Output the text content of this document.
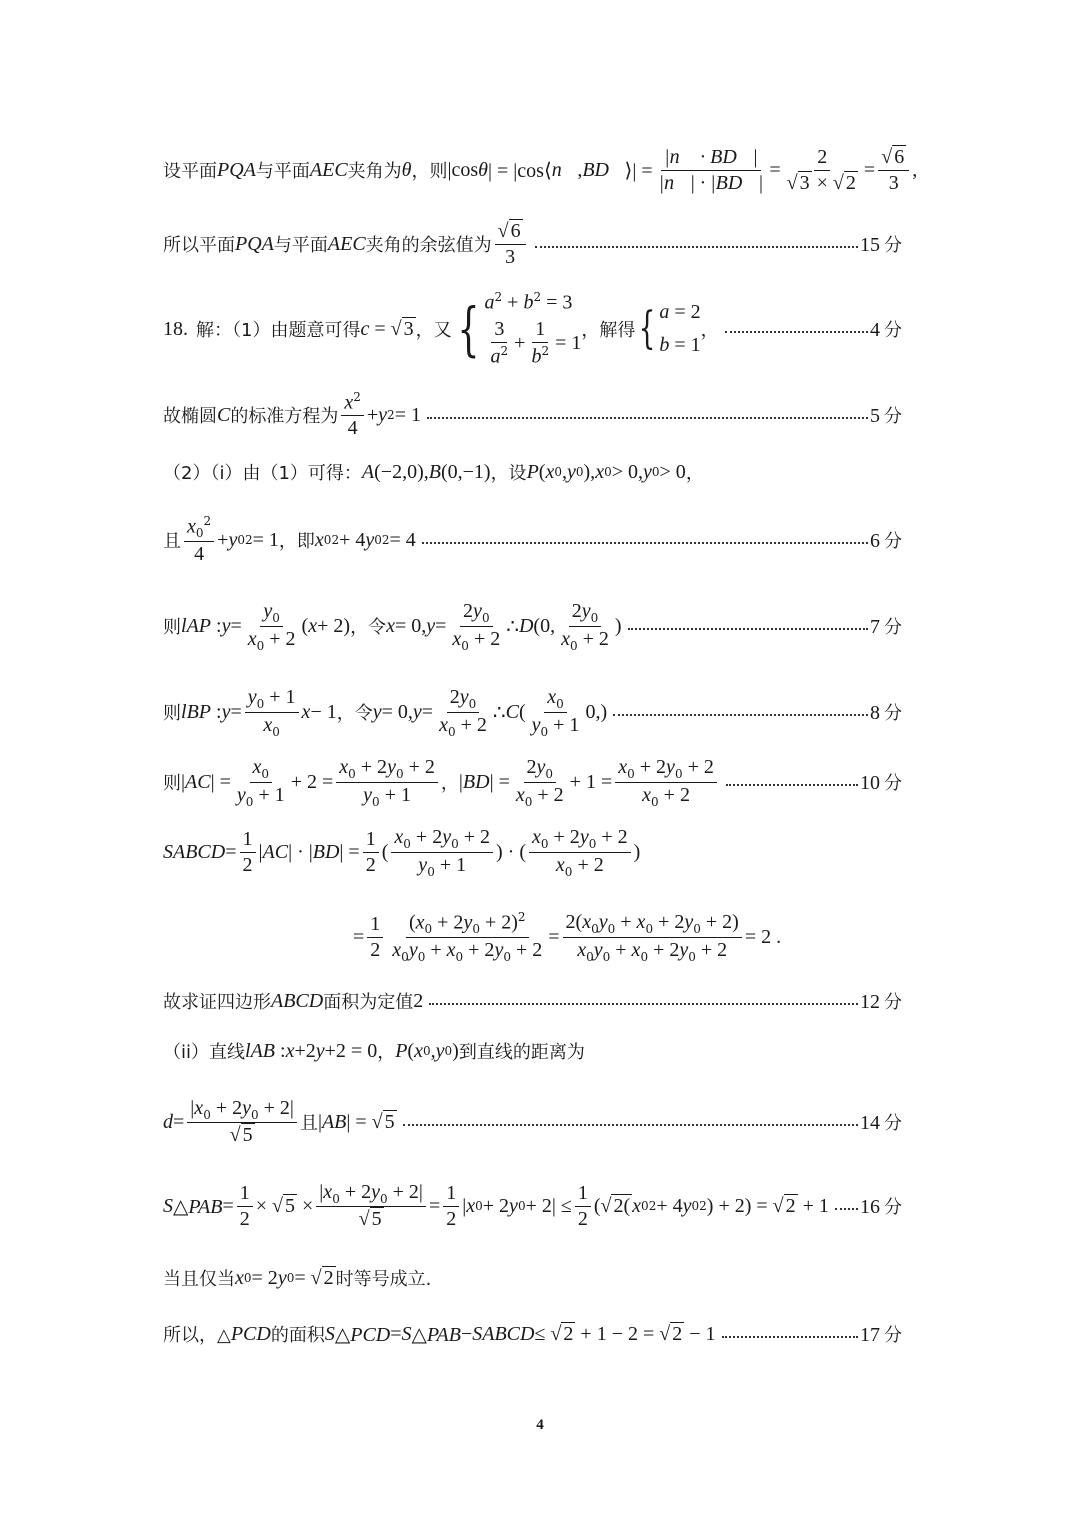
设平面 PQA 与平面 AEC 夹角为 θ ，则 |cos θ | = |cos⟨ n⃗ , BD⃗ ⟩| = $\frac{|n⃗ \cdot BD⃗|}{|n⃗| \cdot |BD⃗|} = \frac{2}{√ 3 \times √ 2} = \frac{√ 6}{3}$ ,
所以平面 PQA 与平面 AEC 夹角的余弦值为 $\frac{√ 6}{3}$	15 分
18. 解：（1）由题意可得 c = √ 3 ，又 { $a^2 + b^2 = 3$
$\frac{3}{a^2} + \frac{1}{b^2} = 1$
，解得 { a = 2
b = 1
，	4 分
故椭圆 C 的标准方程为 $\frac{x^2}{4} + y$ 2 = 1	5 分
（2）（i）由（1）可得： A (−2,0), B (0,−1) ，设 P ( x 0 , y 0 ), x 0 > 0, y 0 > 0 ，
且 $\frac{x_0^2}{4} + y$ 0 2 = 1 ，即 x 0 2 + 4 y 0 2 = 4	6 分
则 l AP : $y = \frac{y_0}{x_0 + 2}$ ( x + 2) ，令 x = 0, $y = \frac{2y_0}{x_0 + 2}$ ∴ D (0, $\frac{2y_0}{x_0 + 2}$ )	7 分
则 l BP : $y = \frac{y_0 + 1}{x_0}$ x − 1 ，令 y = 0, $y = \frac{2y_0}{x_0 + 2}$ ∴ C ( $\frac{x_0}{y_0 + 1} 0$,)	8 分
则 | AC | = $\frac{x_0}{y_0 + 1} + 2 = \frac{x_0 + 2y_0 + 2}{y_0 + 1}$ ， | BD | = $\frac{2y_0}{x_0 + 2} + 1 = \frac{x_0 + 2y_0 + 2}{x_0 + 2}$	10 分
S ABCD = $\frac{1}{2}$ | AC | · | BD | = $\frac{1}{2}$ ( $\frac{x_0 + 2y_0 + 2}{y_0 + 1}$ ) · ( $\frac{x_0 + 2y_0 + 2}{x_0 + 2}$ )
= $\frac{1}{2} \frac{(x_0 + 2y_0 + 2)^2}{x_0y_0 + x_0 + 2y_0 + 2} = \frac{2(x_0y_0 + x_0 + 2y_0 + 2)}{x_0y_0 + x_0 + 2y_0 + 2} = 2$ .
故求证四边形 ABCD 面积为定值 2	12 分
（ii）直线 l AB : x +2 y +2 = 0 ， P ( x 0 , y 0 ) 到直线的距离为
$d = \frac{|x_0 + 2y_0 + 2|}{√ 5}$ 且 | AB | = √ 5	14 分
S △PAB = $\frac{1}{2}$ × √ $5 \times \frac{|x_0 + 2y_0 + 2|}{√ 5} = \frac{1}{2}$ | x 0 + 2 y $0 + 2| \le \frac{1}{2}$ (√ 2( x 0 2 + 4 y 0 2 ) + 2) = √ 2 + 1 16 分
当且仅当 x 0 = 2 y 0 = √ 2 时等号成立.
所以，△ PCD 的面积 S △PCD = S △PAB − S ABCD ≤ √ 2 + 1 − 2 = √ 2 − 1	17 分
4
